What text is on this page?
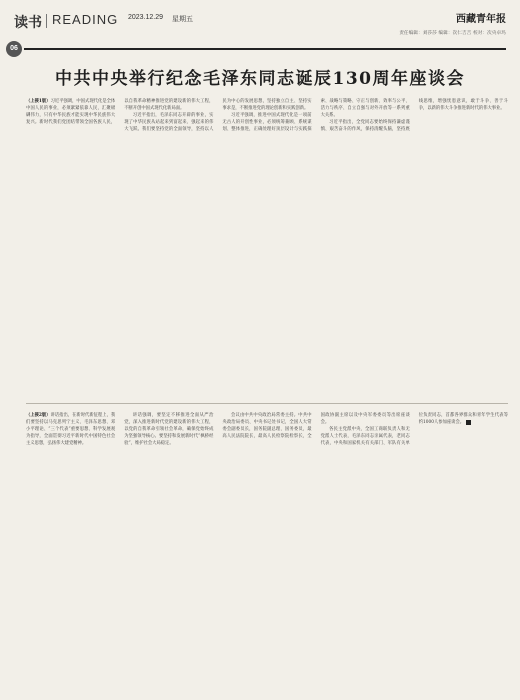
读书 READING 2023.12.29 星期五	西藏青年报
责任编辑：刘莎莎 编辑：次仁吉吉 校对：次央卓玛
06
中共中央举行纪念毛泽东同志诞辰130周年座谈会

（上接1版）习近平强调，中国式现代化是全体中国人民的事业，必须紧紧依靠人民，汇聚磅礴伟力，只有中华民族才能实现中华民族伟大复兴。新时代我们党团结带领全国各族人民，以自我革命精神推进党的建设新的伟大工程，不断开创中国式现代化新局面。

习近平指出，毛泽东同志开辟的事业，实现了中华民族从站起来到富起来、强起来的伟大飞跃。我们要坚持党的全面领导，坚持以人民为中心的发展思想，坚持独立自主、坚持实事求是，不断推进党的理论创新和实践创新。

习近平强调，推进中国式现代化是一项前无古人的开创性事业，必须统筹兼顾、系统谋划、整体推进，正确处理好顶层设计与实践探索、战略与策略、守正与创新、效率与公平、活力与秩序、自立自强与对外开放等一系列重大关系。

习近平指出，全党同志要始终保持谦虚谨慎、艰苦奋斗的作风，保持清醒头脑，坚持底线思维，增强忧患意识，敢于斗争、善于斗争，以新的伟大斗争推进新时代的伟大事业。

（上接2版）讲话指出，在新时代新征程上，我们要坚持以马克思列宁主义、毛泽东思想、邓小平理论、“三个代表”重要思想、科学发展观为指导，全面贯彻习近平新时代中国特色社会主义思想，弘扬伟大建党精神。

讲话强调，要坚定不移推进全面从严治党，深入推进新时代党的建设新的伟大工程，以党的自我革命引领社会革命，确保党始终成为坚强领导核心。要坚持和发展新时代“枫桥经验”，维护社会大局稳定。

会议由中共中央政治局常委主持。中共中央政治局委员、中央书记处书记，全国人大常委会副委员长，国务院副总理、国务委员，最高人民法院院长，最高人民检察院检察长，全国政协副主席以及中央军委委员等出席座谈会。

各民主党派中央、全国工商联负责人和无党派人士代表，毛泽东同志亲属代表，老同志代表，中央和国家机关有关部门、军队有关单位负责同志，首都各界群众和青年学生代表等约1000人参加座谈会。
